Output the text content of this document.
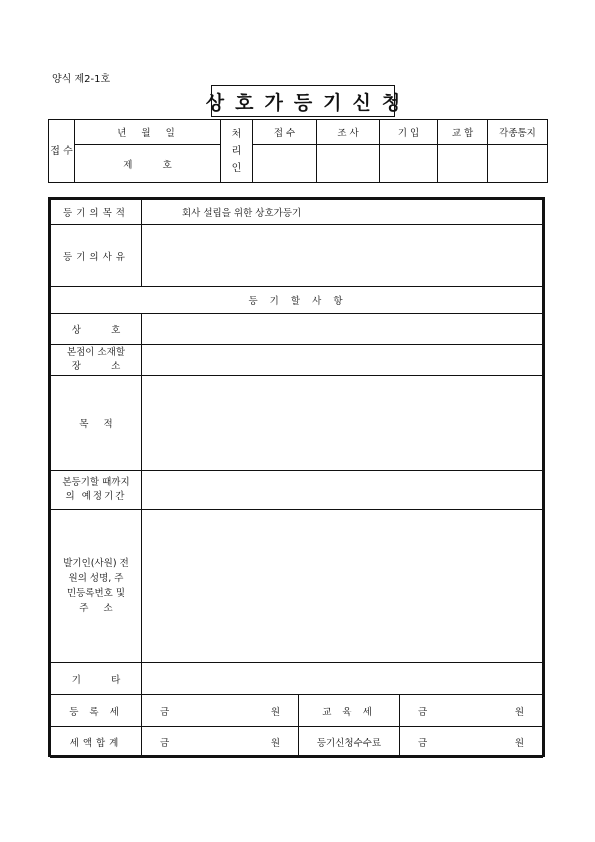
양식 제2-1호
상호가등기신청
접 수	년  월  일	처 리 인	접 수	조 사	기 입	교 합	각종통지
	제          호						
등기의목적	회사 설립을 위한 상호가등기		
등기의사유			
등  기  할  사  항			
상          호			

본점이 소재할
장          소			

목     적			

본등기할 때까지
의 예정기간			

발기인(사원) 전
원의 성명, 주
민등록번호 및
주     소			

기          타			
등 록 세	금 원	교 육 세	금 원

세액합계	금 원	등기신청수수료	금 원
